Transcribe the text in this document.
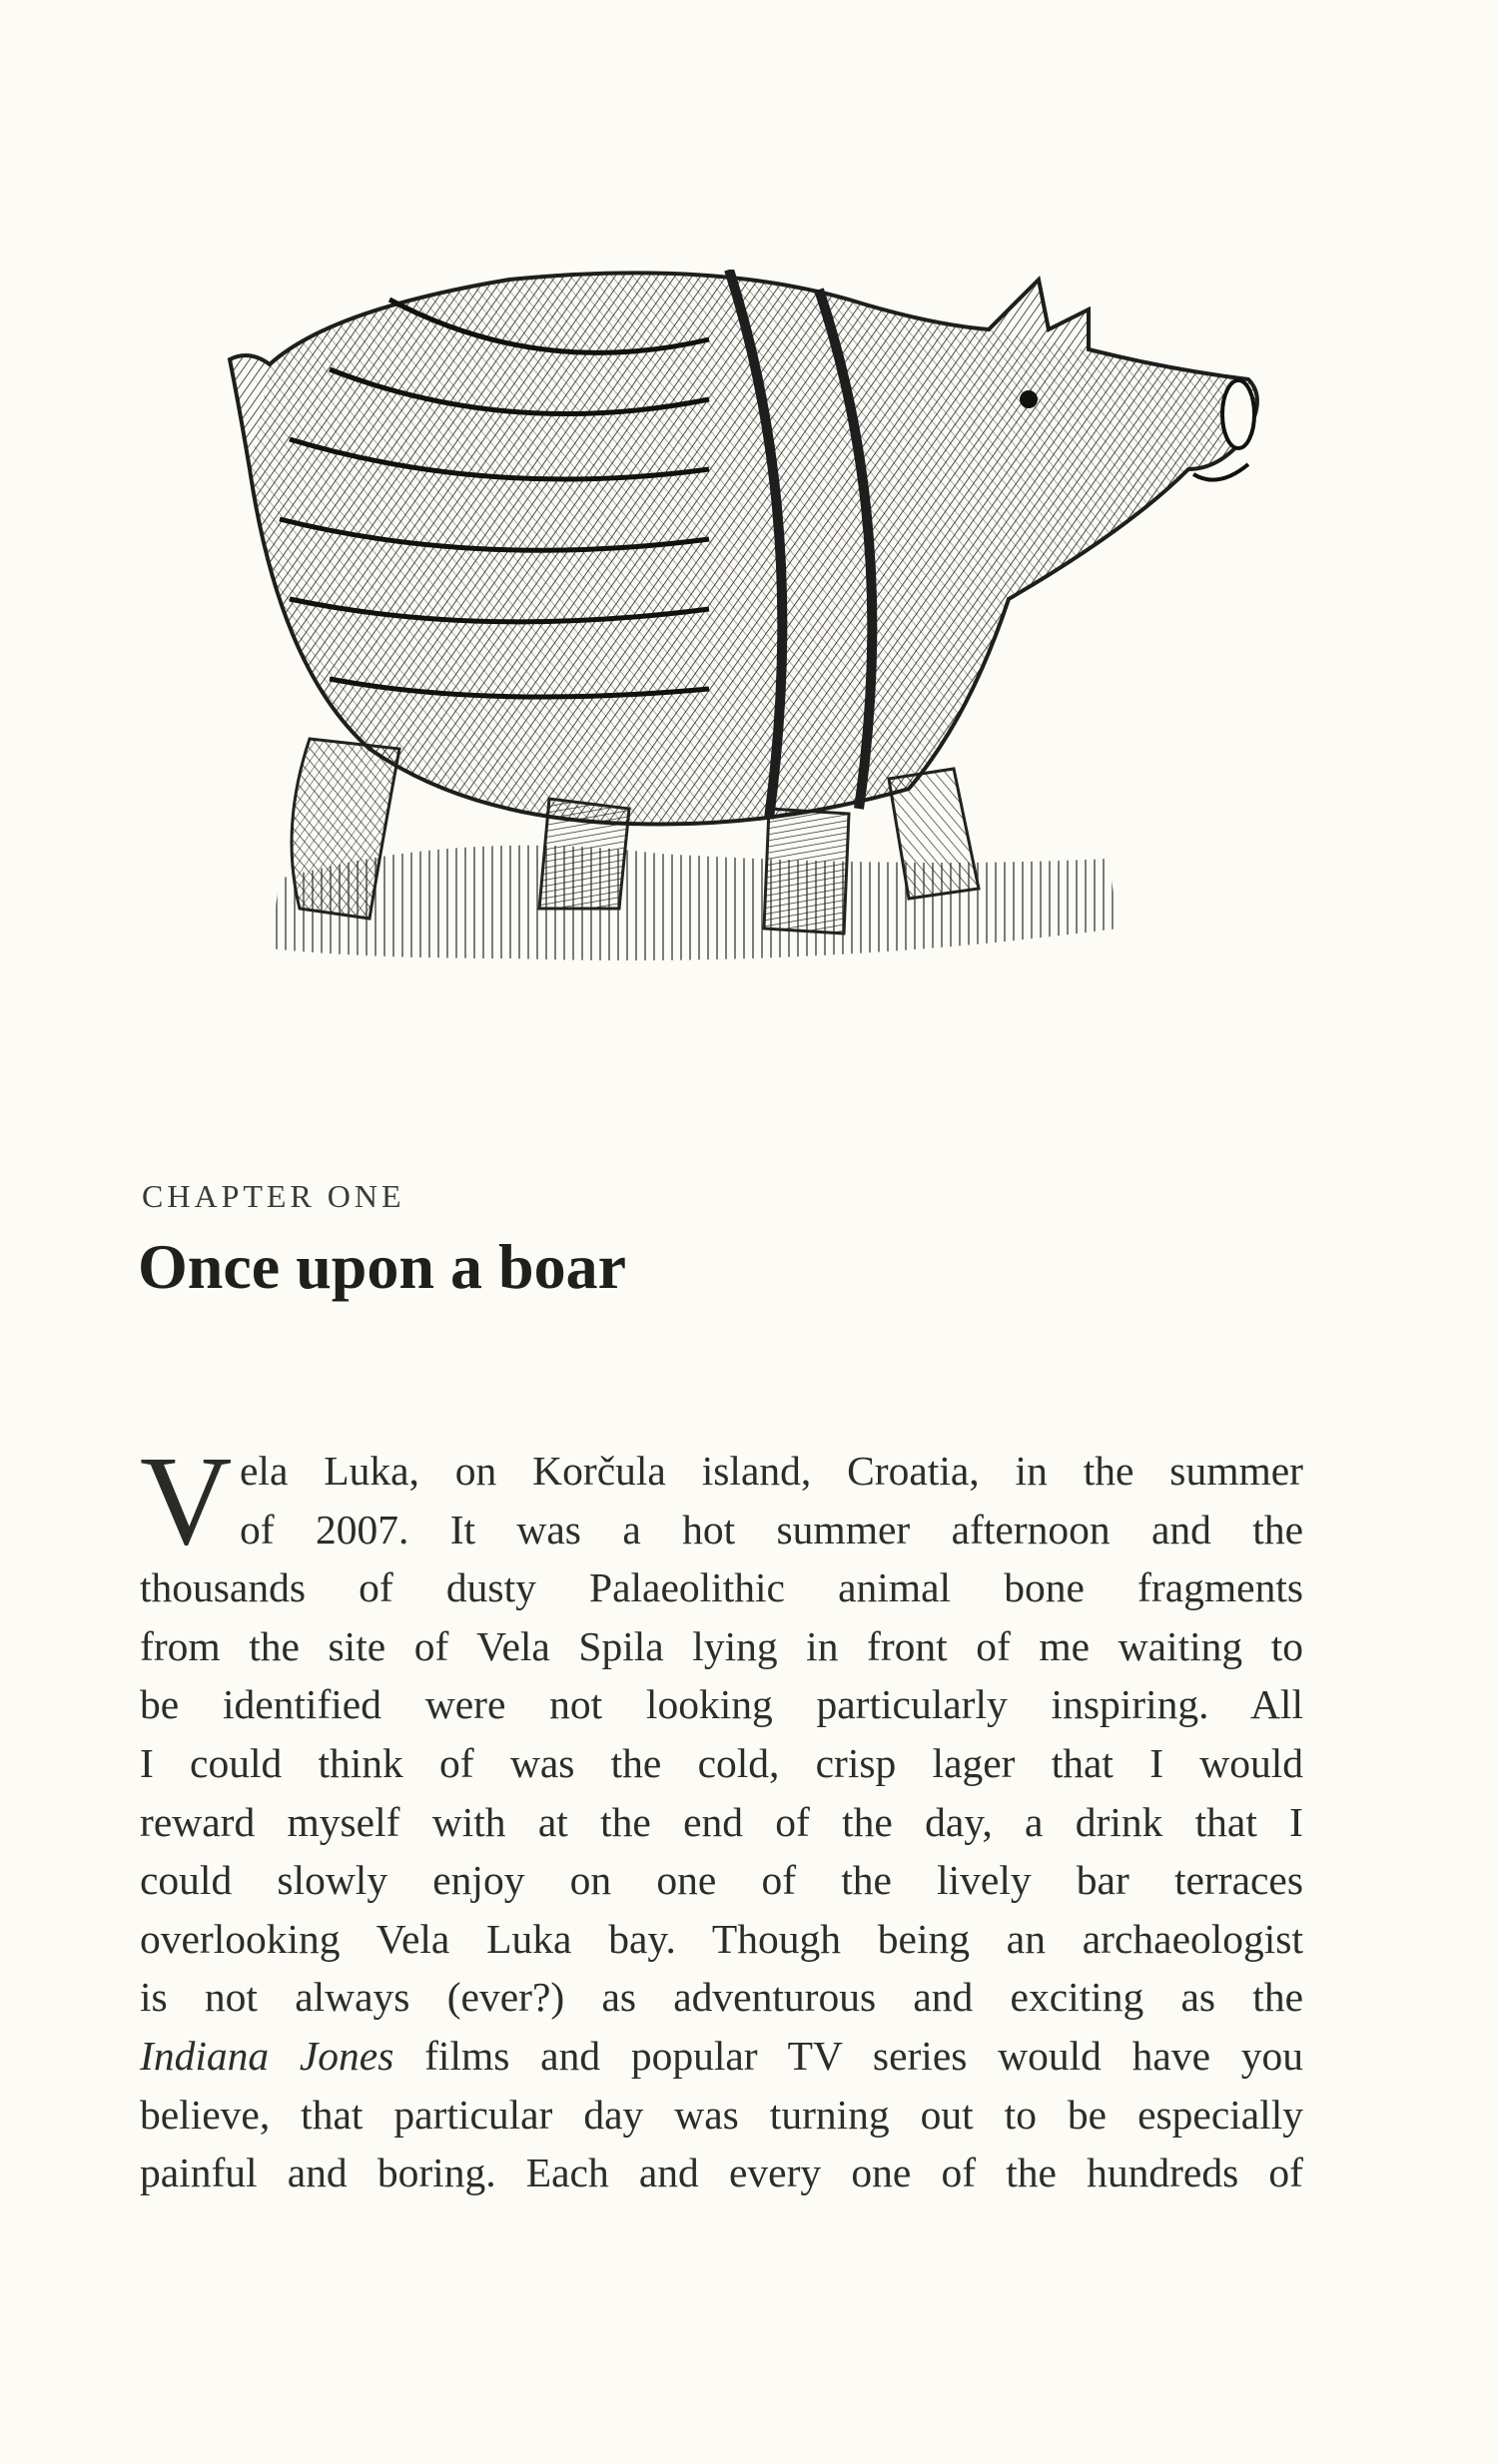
CHAPTER ONE
Once upon a boar
V ela Luka, on Korčula island, Croatia, in the summer
of 2007. It was a hot summer afternoon and the
thousands of dusty Palaeolithic animal bone fragments
from the site of Vela Spila lying in front of me waiting to
be identified were not looking particularly inspiring. All
I could think of was the cold, crisp lager that I would
reward myself with at the end of the day, a drink that I
could slowly enjoy on one of the lively bar terraces
overlooking Vela Luka bay. Though being an archaeologist
is not always (ever?) as adventurous and exciting as the
Indiana Jones films and popular TV series would have you
believe, that particular day was turning out to be especially
painful and boring. Each and every one of the hundreds of
